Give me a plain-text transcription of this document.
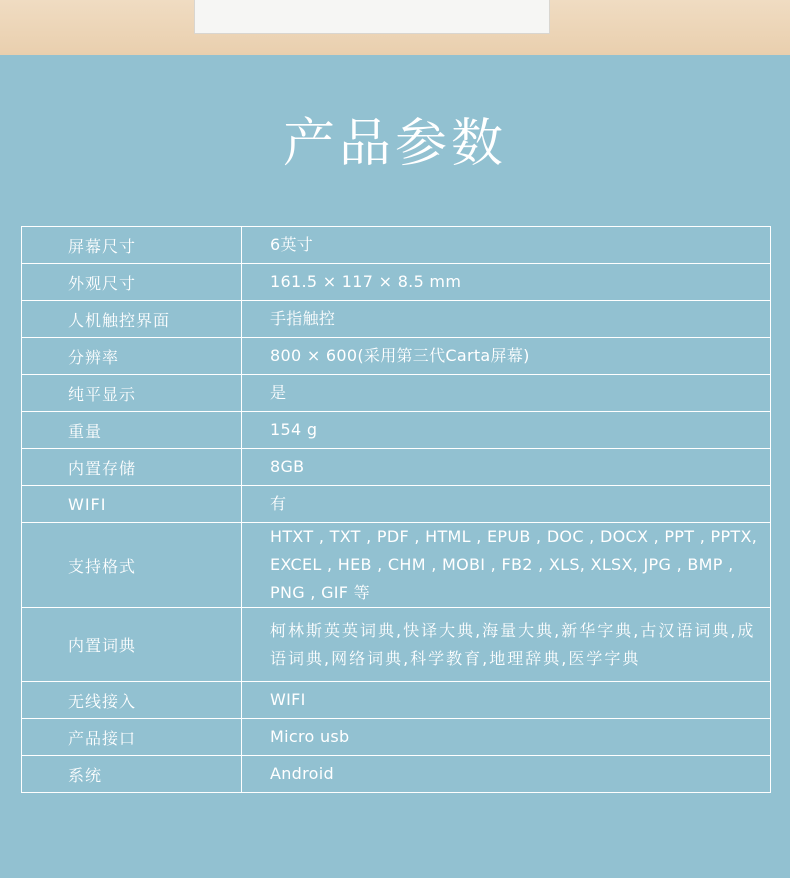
产品参数
屏幕尺寸	6英寸
外观尺寸	161.5 × 117 × 8.5 mm
人机触控界面	手指触控
分辨率	800 × 600(采用第三代Carta屏幕)
纯平显示	是
重量	154 g
内置存储	8GB
WIFI	有
支持格式	HTXT , TXT , PDF , HTML , EPUB , DOC , DOCX , PPT , PPTX, EXCEL , HEB , CHM , MOBI , FB2 , XLS, XLSX, JPG , BMP , PNG , GIF 等
内置词典	柯林斯英英词典,快译大典,海量大典,新华字典,古汉语词典,成语词典,网络词典,科学教育,地理辞典,医学字典
无线接入	WIFI
产品接口	Micro usb
系统	Android
